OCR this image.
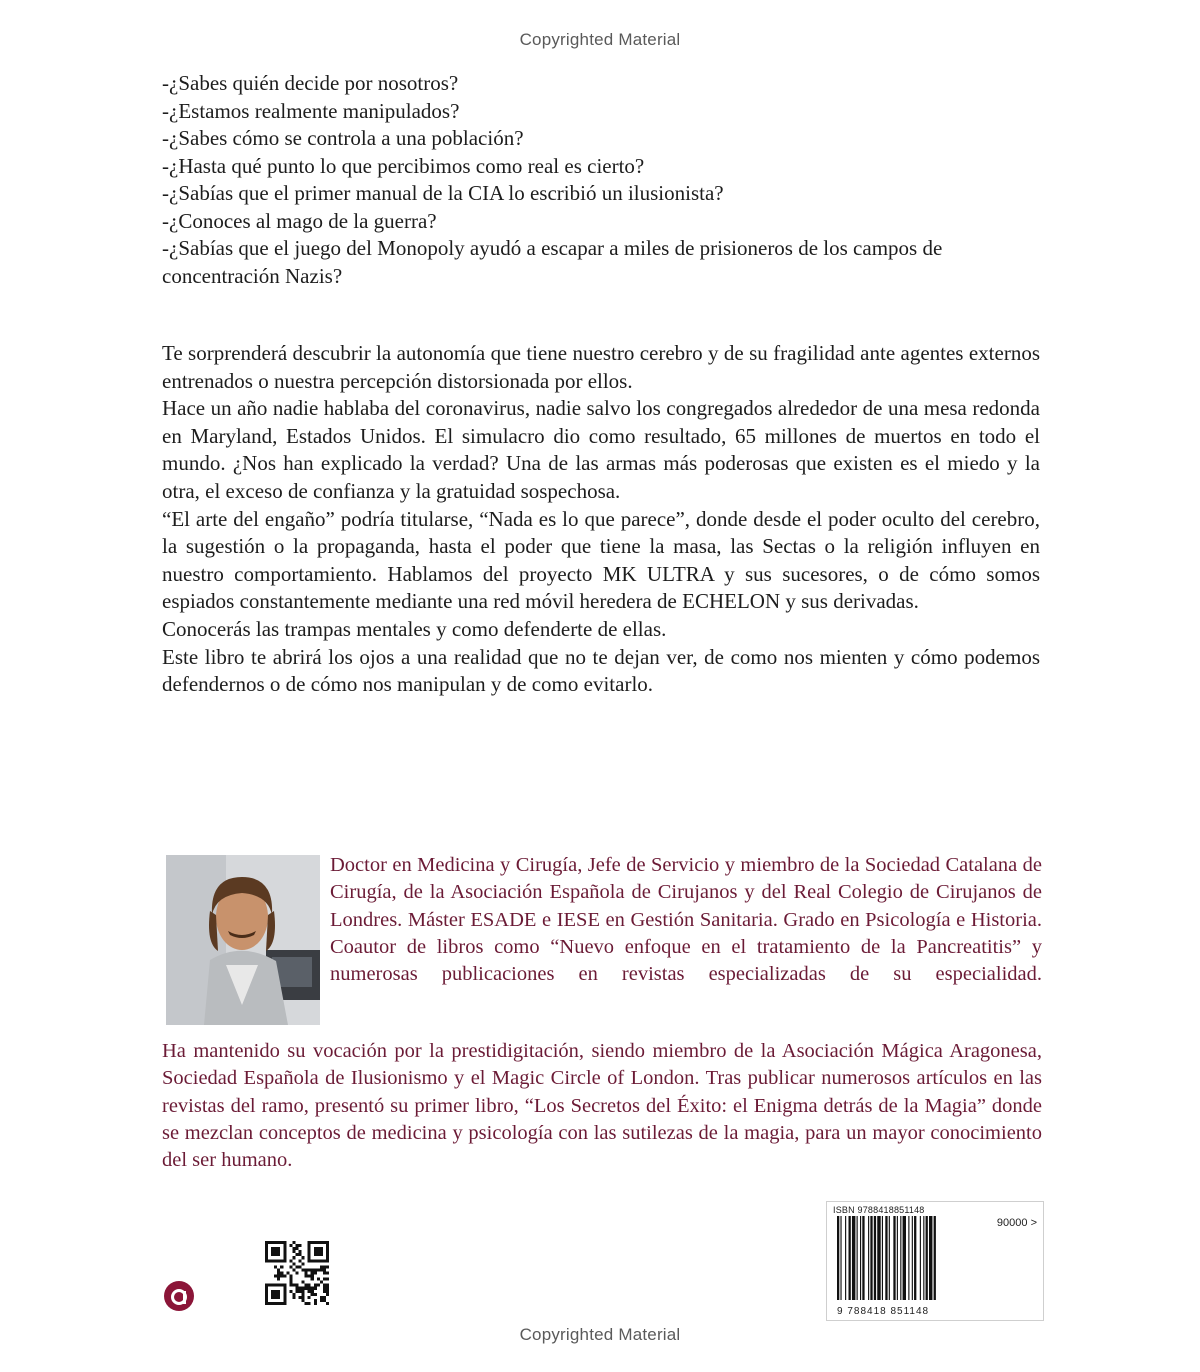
Copyrighted Material

-¿Sabes quién decide por nosotros?

-¿Estamos realmente manipulados?

-¿Sabes cómo se controla a una población?

-¿Hasta qué punto lo que percibimos como real es cierto?

-¿Sabías que el primer manual de la CIA lo escribió un ilusionista?

-¿Conoces al mago de la guerra?

-¿Sabías que el juego del Monopoly ayudó a escapar a miles de prisioneros de los campos de concentración Nazis?

Te sorprenderá descubrir la autonomía que tiene nuestro cerebro y de su fragilidad ante agentes externos entrenados o nuestra percepción distorsionada por ellos.

Hace un año nadie hablaba del coronavirus, nadie salvo los congregados alrededor de una mesa redonda en Maryland, Estados Unidos. El simulacro dio como resultado, 65 millones de muertos en todo el mundo. ¿Nos han explicado la verdad? Una de las armas más poderosas que existen es el miedo y la otra, el exceso de confianza y la gratuidad sospechosa.

“El arte del engaño” podría titularse, “Nada es lo que parece”, donde desde el poder oculto del cerebro, la sugestión o la propaganda, hasta el poder que tiene la masa, las Sectas o la religión influyen en nuestro comportamiento. Hablamos del proyecto MK ULTRA y sus sucesores, o de cómo somos espiados constantemente mediante una red móvil heredera de ECHELON y sus derivadas.

Conocerás las trampas mentales y como defenderte de ellas.

Este libro te abrirá los ojos a una realidad que no te dejan ver, de como nos mienten y cómo podemos defendernos o de cómo nos manipulan y de como evitarlo.

Doctor en Medicina y Cirugía, Jefe de Servicio y miembro de la Sociedad Catalana de Cirugía, de la Asociación Española de Cirujanos y del Real Colegio de Cirujanos de Londres. Máster ESADE e IESE en Gestión Sanitaria. Grado en Psicología e Historia. Coautor de libros como “Nuevo enfoque en el tratamiento de la Pancreatitis” y numerosas publicaciones en revistas especializadas de su especialidad.
Ha mantenido su vocación por la prestidigitación, siendo miembro de la Asociación Mágica Aragonesa, Sociedad Española de Ilusionismo y el Magic Circle of London. Tras publicar numerosos artículos en las revistas del ramo, presentó su primer libro, “Los Secretos del Éxito: el Enigma detrás de la Magia” donde se mezclan conceptos de medicina y psicología con las sutilezas de la magia, para un mayor conocimiento del ser humano.
ISBN 9788418851148
90000 >
9 788418 851148
Copyrighted Material
